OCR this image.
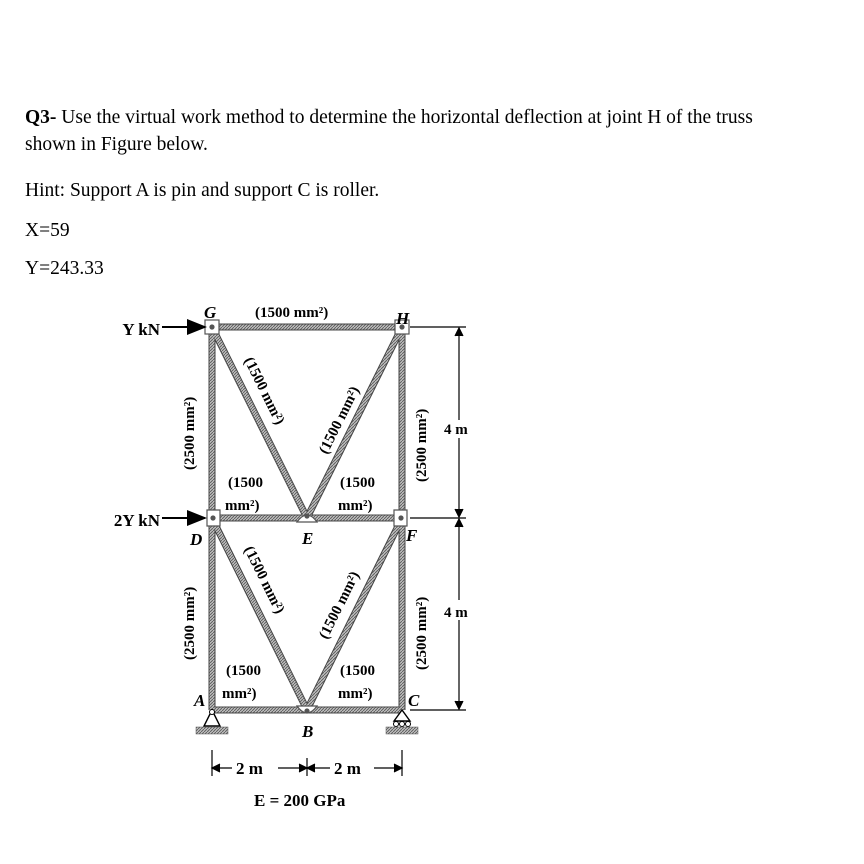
Q3- Use the virtual work method to determine the horizontal deflection at joint H of the truss
shown in Figure below.
Hint: Support A is pin and support C is roller.
X=59
Y=243.33
Y kN
2Y kN
G	H
D	E	F
A
B
C
(1500 mm²)
(1500 mm²) (1500 mm²)
(2500 mm²)	(2500 mm²)
(1500
mm²)
(1500
mm²)
(1500 mm²) (1500 mm²)
(2500 mm²)	(2500 mm²)
(1500
mm²)
(1500
mm²)
4 m
4 m
2 m	2 m
E = 200 GPa
